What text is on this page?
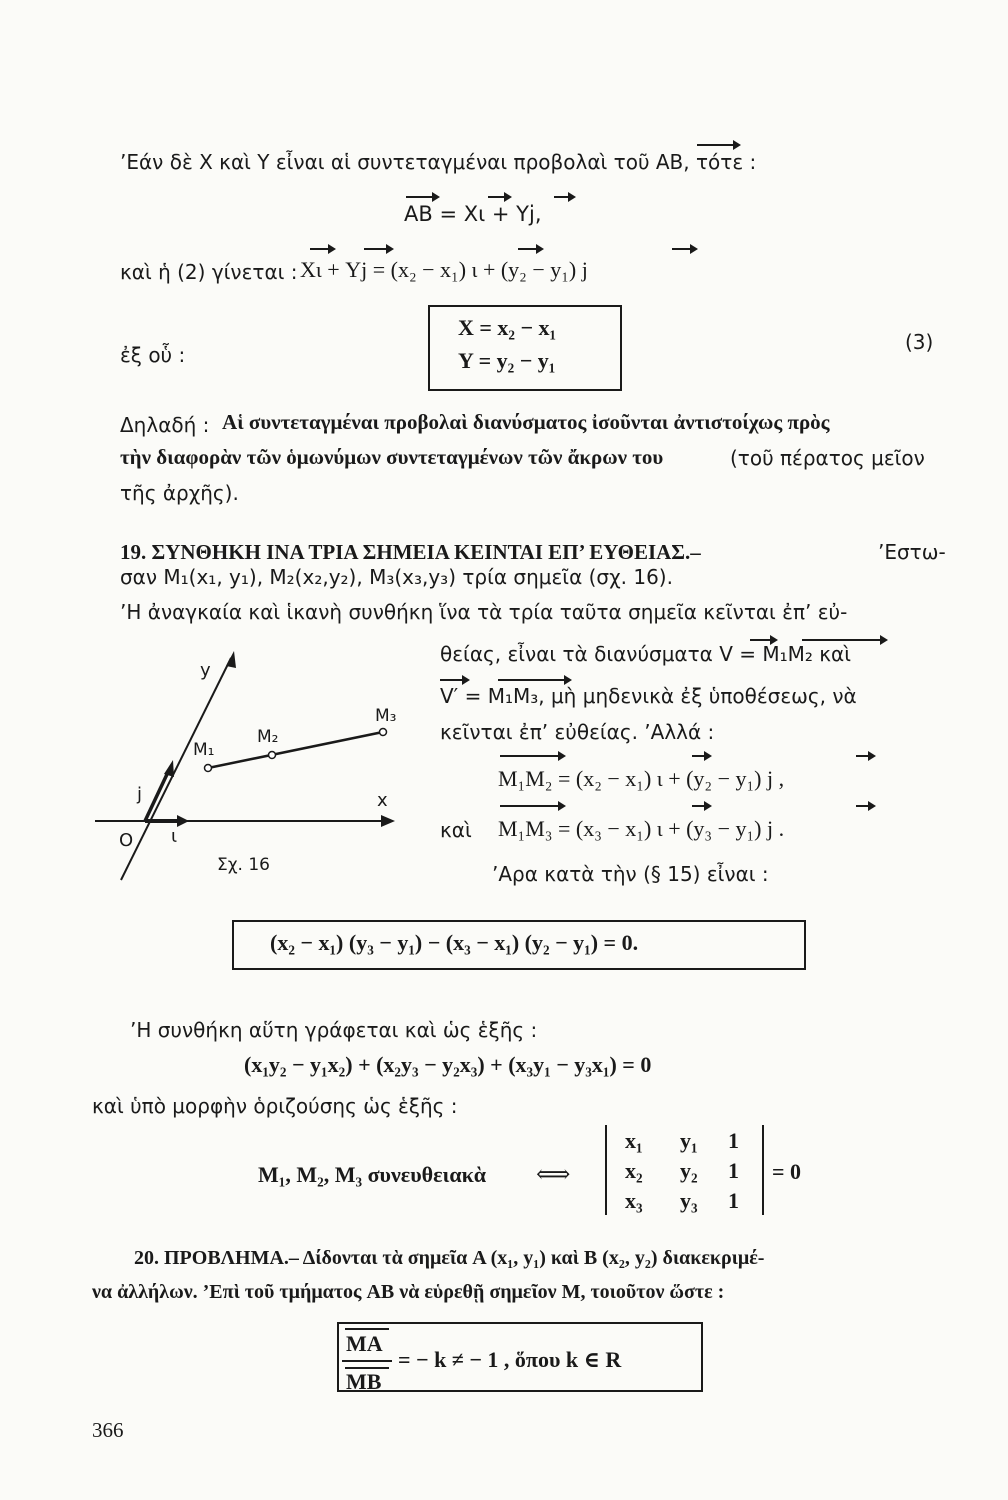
’Εάν δὲ X καὶ Y εἶναι αἱ συντεταγμέναι προβολαὶ τοῦ AB, τότε :
AB = Xι + Yj,
καὶ ἡ (2) γίνεται : Xι + Yj = (x₂ − x₁) ι + (y₂ − y₁) j
ἐξ οὗ :
X = x₂ − x₁
Y = y₂ − y₁
(3)
Δηλαδή : Αἱ συντεταγμέναι προβολαὶ διανύσματος ἰσοῦνται ἀντιστοίχως πρὸς
τὴν διαφορὰν τῶν ὁμωνύμων συντεταγμένων τῶν ἄκρων του	(τοῦ πέρατος μεῖον
τῆς ἀρχῆς).
19. ΣΥΝΘΗΚΗ ΙΝΑ ΤΡΙΑ ΣΗΜΕΙΑ ΚΕΙΝΤΑΙ ΕΠ’ ΕΥΘΕΙΑΣ.–	’Εστω-
σαν M₁(x₁, y₁), M₂(x₂,y₂), M₃(x₃,y₃) τρία σημεῖα (σχ. 16).
’Η ἀναγκαία καὶ ἱκανὴ συνθήκη ἵνα τὰ τρία ταῦτα σημεῖα κεῖνται ἐπ’ εὐ-
y
x
O ι
j
M₁
M₂
M₃
Σχ. 16
θείας, εἶναι τὰ διανύσματα V = M₁M₂ καὶ
V′ = M₁M₃, μὴ μηδενικὰ ἐξ ὑποθέσεως, νὰ
κεῖνται ἐπ’ εὐθείας. ’Αλλά :
M₁M₂ = (x₂ − x₁) ι + (y₂ − y₁) j ,
καὶ M₁M₃ = (x₃ − x₁) ι + (y₃ − y₁) j .
’Αρα κατὰ τὴν (§ 15) εἶναι :
(x₂ − x₁) (y₃ − y₁) − (x₃ − x₁) (y₂ − y₁) = 0.
’Η συνθήκη αὕτη γράφεται καὶ ὡς ἑξῆς :
(x₁y₂ − y₁x₂) + (x₂y₃ − y₂x₃) + (x₃y₁ − y₃x₁) = 0
καὶ ὑπὸ μορφὴν ὁριζούσης ὡς ἑξῆς :
M₁, M₂, M₃ συνευθειακὰ ⟺
x₁ y₁ 1
x₂ y₂ 1
x₃ y₃ 1
= 0
20. ΠΡΟΒΛΗΜΑ.– Δίδονται τὰ σημεῖα A (x₁, y₁) καὶ B (x₂, y₂) διακεκριμέ-
να ἀλλήλων. ’Επὶ τοῦ τμήματος AB νὰ εὑρεθῇ σημεῖον M, τοιοῦτον ὥστε :
MA
MB
= − k ≠ − 1 , ὅπου k ∈ R
366
